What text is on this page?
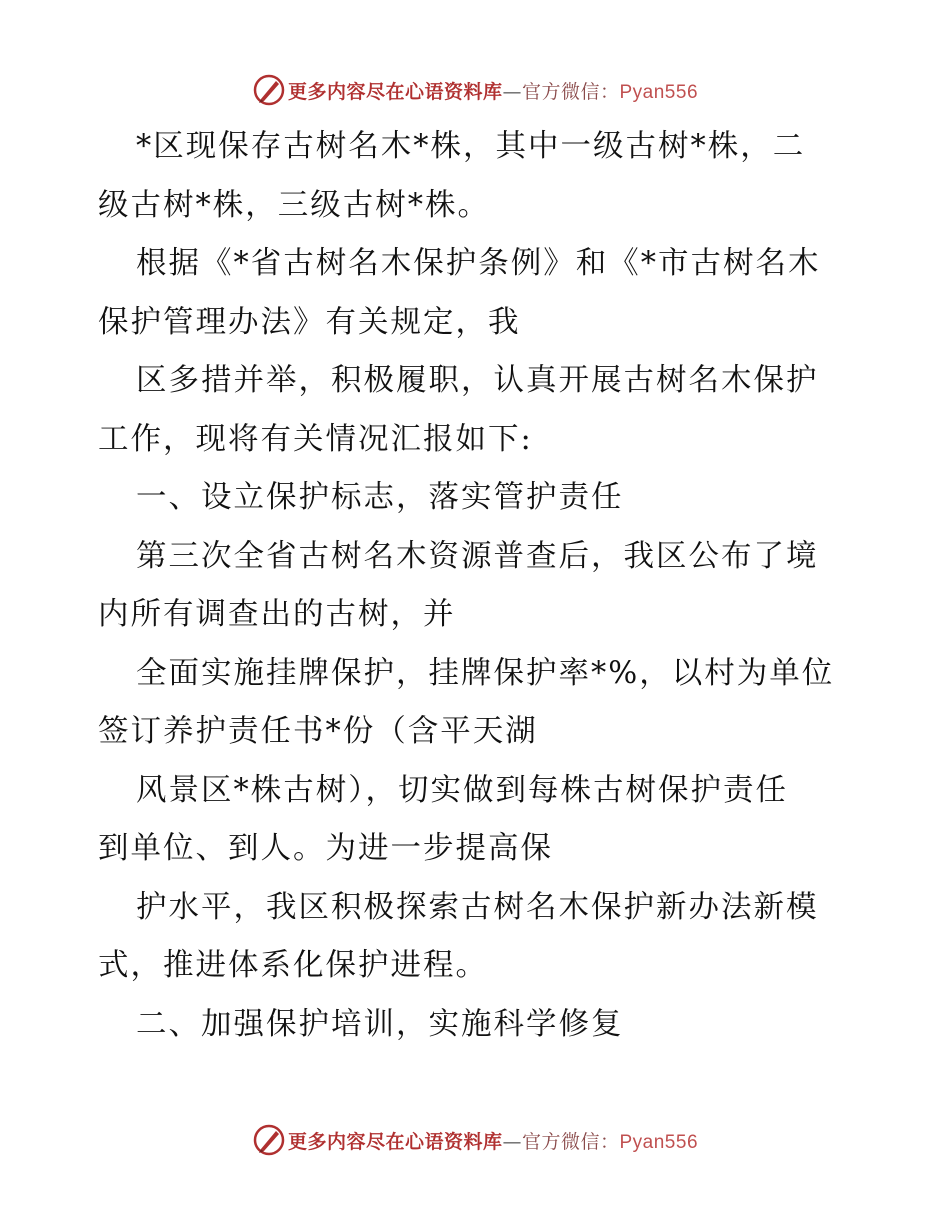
更多内容尽在心语资料库—官方微信：Pyan556
*区现保存古树名木*株，其中一级古树*株，二
级古树*株，三级古树*株。
根据《*省古树名木保护条例》和《*市古树名木
保护管理办法》有关规定，我
区多措并举，积极履职，认真开展古树名木保护
工作，现将有关情况汇报如下:
一、设立保护标志，落实管护责任
第三次全省古树名木资源普查后，我区公布了境
内所有调查出的古树，并
全面实施挂牌保护，挂牌保护率*%，以村为单位
签订养护责任书*份（含平天湖
风景区*株古树），切实做到每株古树保护责任
到单位、到人。为进一步提高保
护水平，我区积极探索古树名木保护新办法新模
式，推进体系化保护进程。
二、加强保护培训，实施科学修复
更多内容尽在心语资料库—官方微信：Pyan556
